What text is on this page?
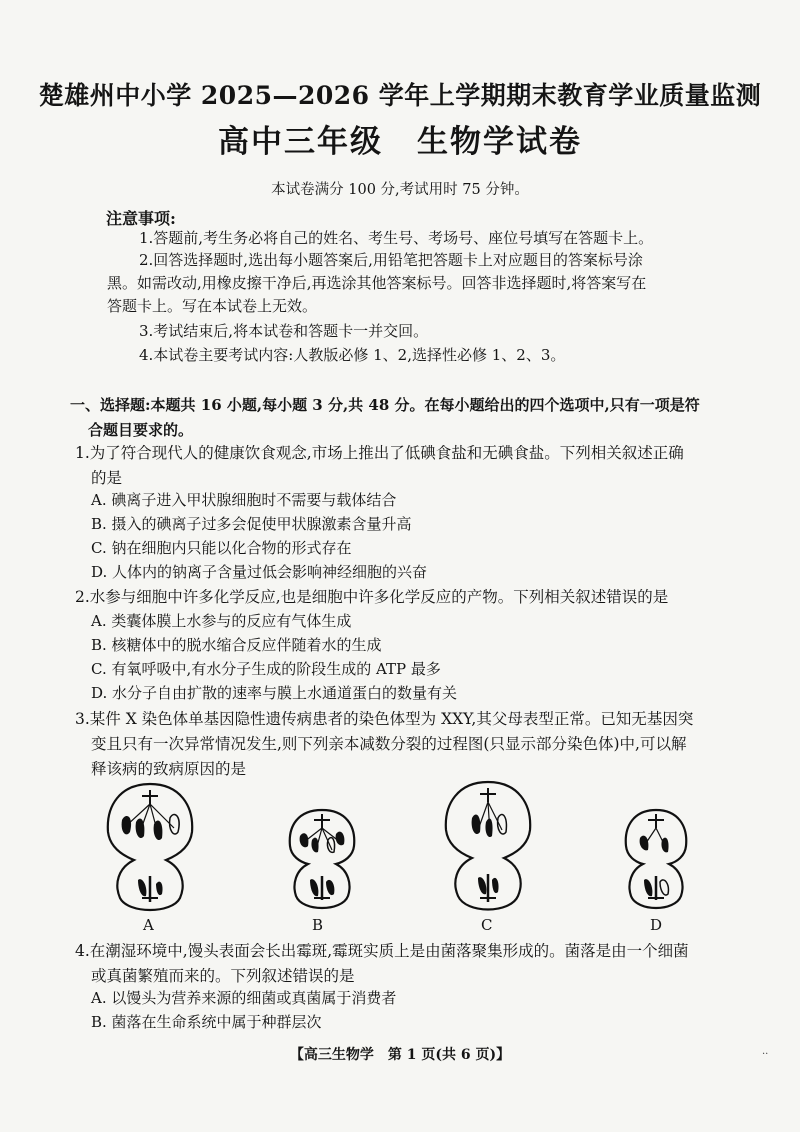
楚雄州中小学 2025—2026 学年上学期期末教育学业质量监测
高中三年级 生物学试卷
本试卷满分 100 分,考试用时 75 分钟。
注意事项:
1.答题前,考生务必将自己的姓名、考生号、考场号、座位号填写在答题卡上。
2.回答选择题时,选出每小题答案后,用铅笔把答题卡上对应题目的答案标号涂
黑。如需改动,用橡皮擦干净后,再选涂其他答案标号。回答非选择题时,将答案写在
答题卡上。写在本试卷上无效。
3.考试结束后,将本试卷和答题卡一并交回。
4.本试卷主要考试内容:人教版必修 1、2,选择性必修 1、2、3。
一、选择题:本题共 16 小题,每小题 3 分,共 48 分。在每小题给出的四个选项中,只有一项是符
合题目要求的。
1.为了符合现代人的健康饮食观念,市场上推出了低碘食盐和无碘食盐。下列相关叙述正确
的是
A. 碘离子进入甲状腺细胞时不需要与载体结合
B. 摄入的碘离子过多会促使甲状腺激素含量升高
C. 钠在细胞内只能以化合物的形式存在
D. 人体内的钠离子含量过低会影响神经细胞的兴奋
2.水参与细胞中许多化学反应,也是细胞中许多化学反应的产物。下列相关叙述错误的是
A. 类囊体膜上水参与的反应有气体生成
B. 核糖体中的脱水缩合反应伴随着水的生成
C. 有氧呼吸中,有水分子生成的阶段生成的 ATP 最多
D. 水分子自由扩散的速率与膜上水通道蛋白的数量有关
3.某件 X 染色体单基因隐性遗传病患者的染色体型为 XXY,其父母表型正常。已知无基因突
变且只有一次异常情况发生,则下列亲本减数分裂的过程图(只显示部分染色体)中,可以解
释该病的致病原因的是
A	B	C	D
4.在潮湿环境中,馒头表面会长出霉斑,霉斑实质上是由菌落聚集形成的。菌落是由一个细菌
或真菌繁殖而来的。下列叙述错误的是
A. 以馒头为营养来源的细菌或真菌属于消费者
B. 菌落在生命系统中属于种群层次
【高三生物学　第 1 页(共 6 页)】	..
